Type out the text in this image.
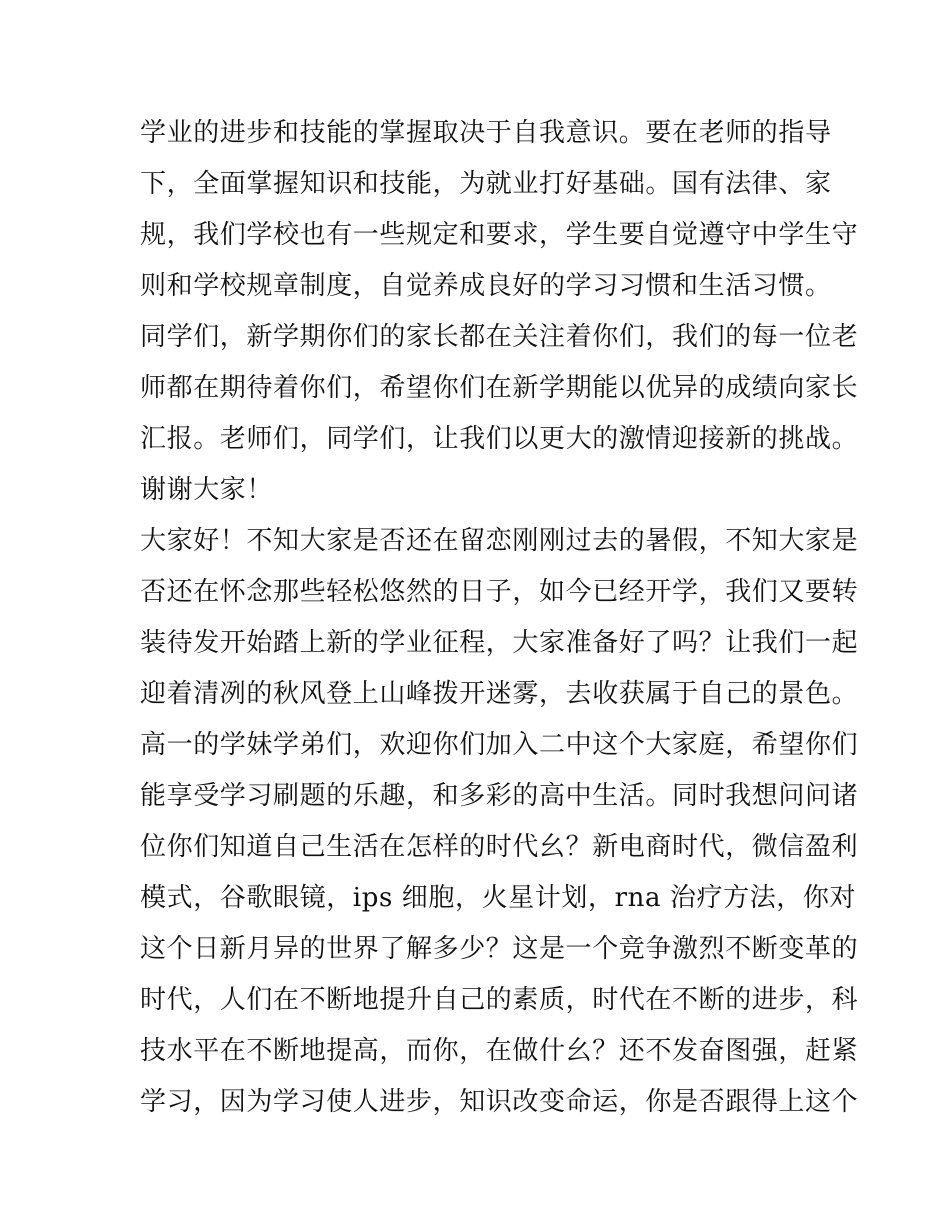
学业的进步和技能的掌握取决于自我意识。要在老师的指导
下，全面掌握知识和技能，为就业打好基础。国有法律、家
规，我们学校也有一些规定和要求，学生要自觉遵守中学生守
则和学校规章制度，自觉养成良好的学习习惯和生活习惯。
同学们，新学期你们的家长都在关注着你们，我们的每一位老
师都在期待着你们，希望你们在新学期能以优异的成绩向家长
汇报。老师们，同学们，让我们以更大的激情迎接新的挑战。
谢谢大家！
大家好！不知大家是否还在留恋刚刚过去的暑假，不知大家是
否还在怀念那些轻松悠然的日子，如今已经开学，我们又要转
装待发开始踏上新的学业征程，大家准备好了吗？让我们一起
迎着清冽的秋风登上山峰拨开迷雾，去收获属于自己的景色。
高一的学妹学弟们，欢迎你们加入二中这个大家庭，希望你们
能享受学习刷题的乐趣，和多彩的高中生活。同时我想问问诸
位你们知道自己生活在怎样的时代幺？新电商时代，微信盈利
模式，谷歌眼镜，ips 细胞，火星计划，rna 治疗方法，你对
这个日新月异的世界了解多少？这是一个竞争激烈不断变革的
时代，人们在不断地提升自己的素质，时代在不断的进步，科
技水平在不断地提高，而你，在做什幺？还不发奋图强，赶紧
学习，因为学习使人进步，知识改变命运，你是否跟得上这个
